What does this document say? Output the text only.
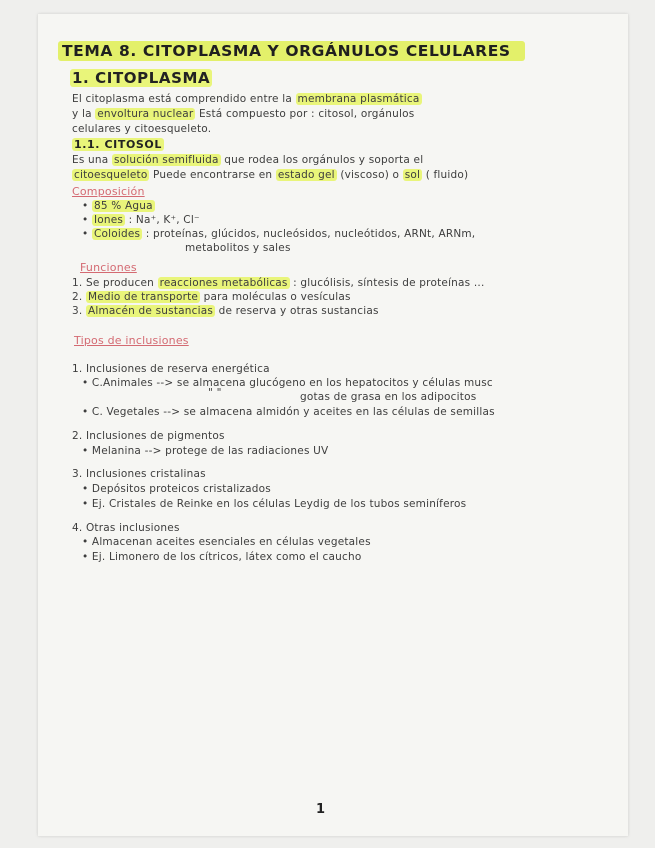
TEMA 8. CITOPLASMA Y ORGÁNULOS CELULARES
1. CITOPLASMA
El citoplasma está comprendido entre la membrana plasmática
y la envoltura nuclear Está compuesto por : citosol, orgánulos
celulares y citoesqueleto.
1.1. CITOSOL
Es una solución semifluida que rodea los orgánulos y soporta el
citoesqueleto Puede encontrarse en estado gel (viscoso) o sol ( fluido)
Composición
• 85 % Agua
• Iones : Na⁺, K⁺, Cl⁻
• Coloides : proteínas, glúcidos, nucleósidos, nucleótidos, ARNt, ARNm,
metabolitos y sales
Funciones
1. Se producen reacciones metabólicas : glucólisis, síntesis de proteínas ...
2. Medio de transporte para moléculas o vesículas
3. Almacén de sustancias de reserva y otras sustancias
Tipos de inclusiones
1. Inclusiones de reserva energética
• C.Animales --> se almacena glucógeno en los hepatocitos y células musc
" "	gotas de grasa en los adipocitos
• C. Vegetales --> se almacena almidón y aceites en las células de semillas
2. Inclusiones de pigmentos
• Melanina --> protege de las radiaciones UV
3. Inclusiones cristalinas
• Depósitos proteicos cristalizados
• Ej. Cristales de Reinke en los células Leydig de los tubos seminíferos
4. Otras inclusiones
• Almacenan aceites esenciales en células vegetales
• Ej. Limonero de los cítricos, látex como el caucho
1
